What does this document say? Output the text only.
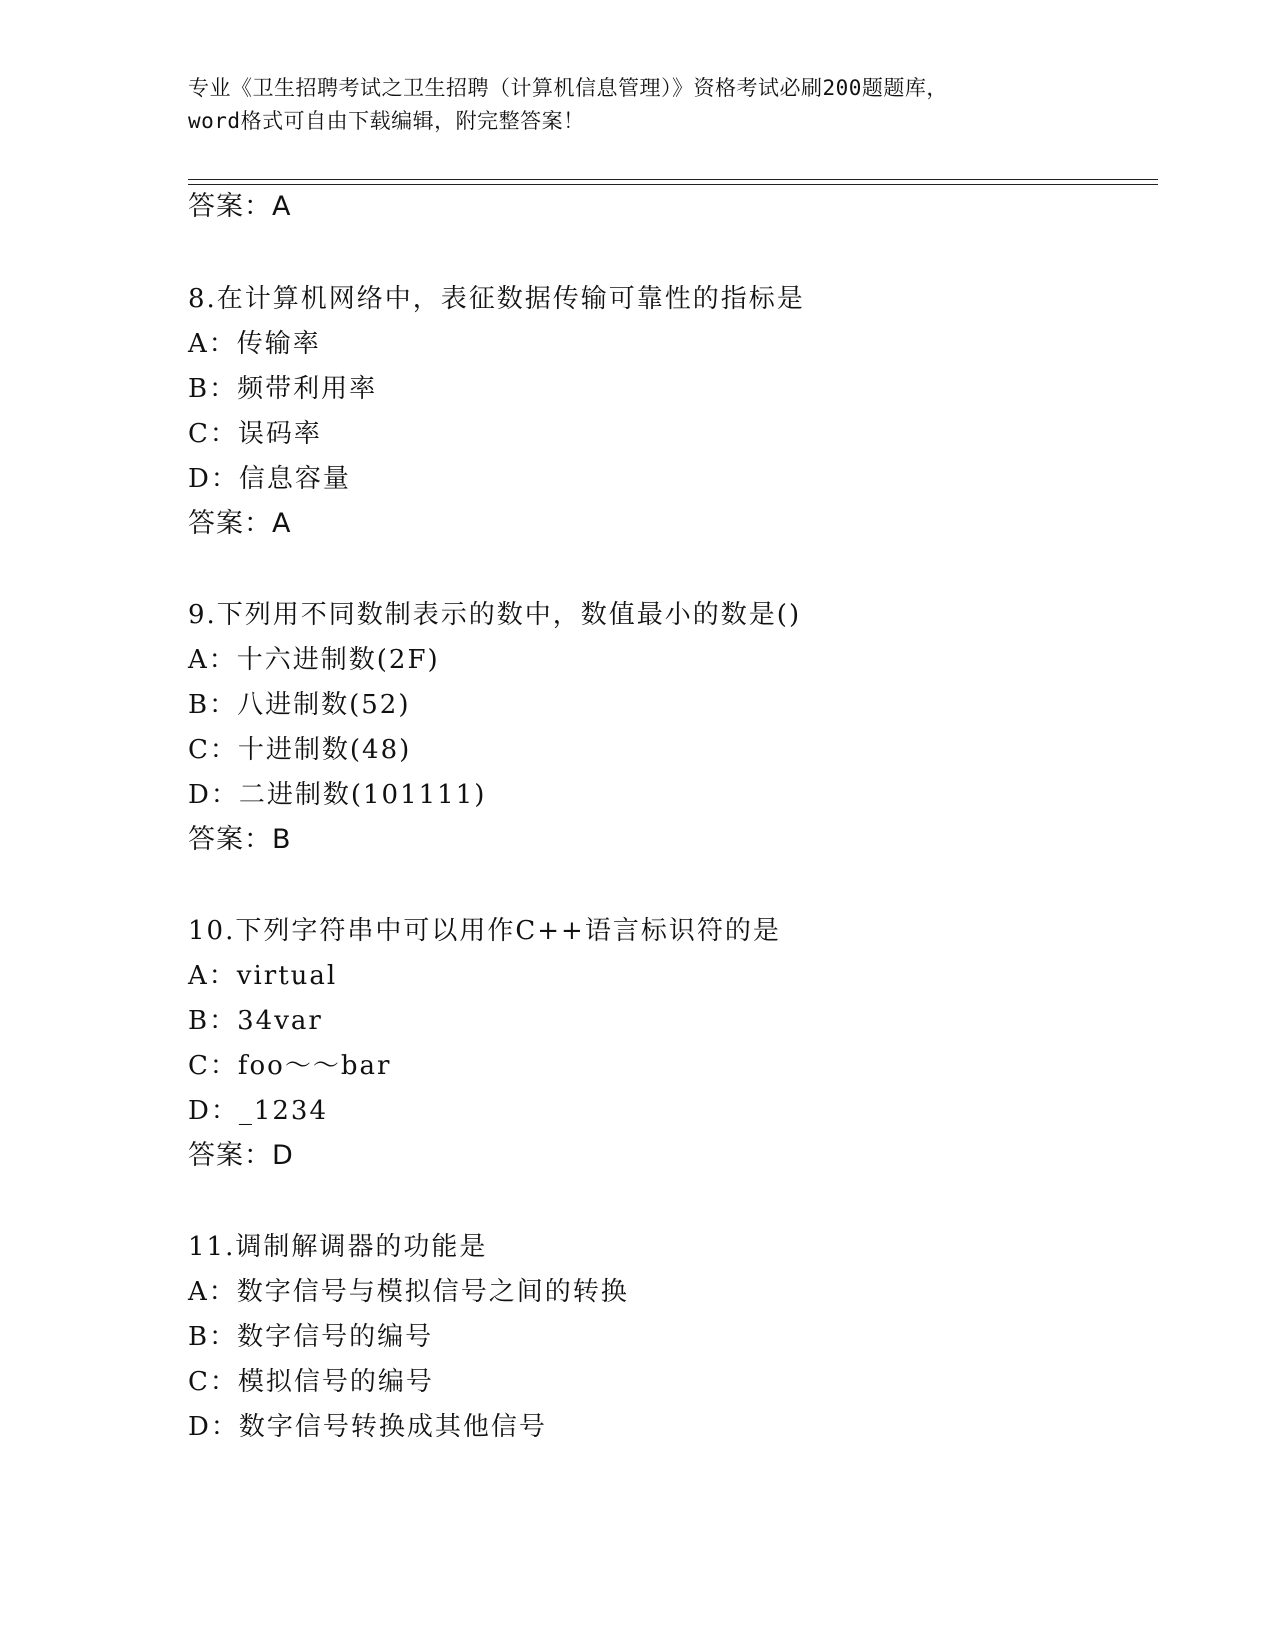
专业《卫生招聘考试之卫生招聘（计算机信息管理）》资格考试必刷200题题库，
word格式可自由下载编辑，附完整答案！
答案：A
8.在计算机网络中，表征数据传输可靠性的指标是
A：传输率
B：频带利用率
C：误码率
D：信息容量
答案：A
9.下列用不同数制表示的数中，数值最小的数是()
A：十六进制数(2F)
B：八进制数(52)
C：十进制数(48)
D：二进制数(101111)
答案：B
10.下列字符串中可以用作C++语言标识符的是
A：virtual
B：34var
C：foo～～bar
D：_1234
答案：D
11.调制解调器的功能是
A：数字信号与模拟信号之间的转换
B：数字信号的编号
C：模拟信号的编号
D：数字信号转换成其他信号
